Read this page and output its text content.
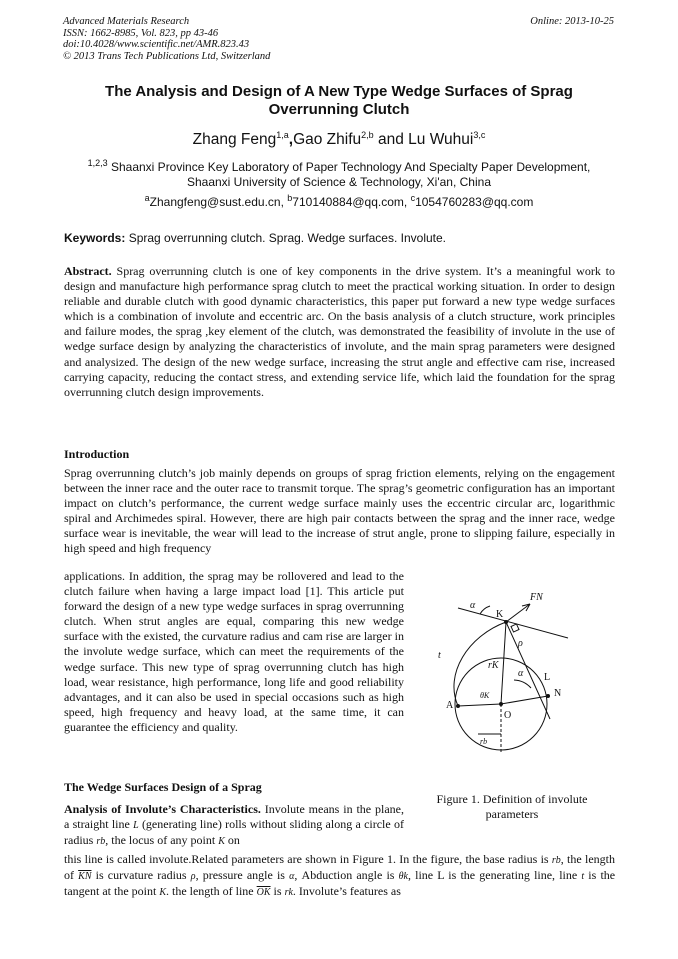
Advanced Materials Research
ISSN: 1662-8985, Vol. 823, pp 43-46
doi:10.4028/www.scientific.net/AMR.823.43
© 2013 Trans Tech Publications Ltd, Switzerland
Online: 2013-10-25
The Analysis and Design of A New Type Wedge Surfaces of Sprag Overrunning Clutch
Zhang Feng$^{1,a}$,Gao Zhifu$^{2,b}$ and Lu Wuhui$^{3,c}$
$^{1,2,3}$ Shaanxi Province Key Laboratory of Paper Technology And Specialty Paper Development,
Shaanxi University of Science & Technology, Xi'an, China
$^a$Zhangfeng@sust.edu.cn, $^b$710140884@qq.com, $^c$1054760283@qq.com
Keywords: Sprag overrunning clutch. Sprag. Wedge surfaces. Involute.
Abstract. Sprag overrunning clutch is one of key components in the drive system. It’s a meaningful work to design and manufacture high performance sprag clutch to meet the practical working situation. In order to design reliable and durable clutch with good dynamic characteristics, this paper put forward a new type wedge surfaces which is a combination of involute and eccentric arc. On the basis analysis of a clutch structure, work principles and failure modes, the sprag ,key element of the clutch, was demonstrated the feasibility of involute in the use of wedge surface design by analyzing the characteristics of involute, and the main sprag parameters were designed and analysized. The design of the new wedge surface, increasing the strut angle and effective cam rise, increased carrying capacity, reducing the contact stress, and extending service life, which laid the foundation for the sprag overrunning clutch design improvements.
Introduction
Sprag overrunning clutch’s job mainly depends on groups of sprag friction elements, relying on the engagement between the inner race and the outer race to transmit torque. The sprag’s geometric configuration has an important impact on clutch’s performance, the current wedge surface mainly uses the eccentric circular arc, logarithmic spiral and Archimedes spiral. However, there are high pair contacts between the sprag and the inner race, wedge surface wear is inevitable, the wear will lead to the increase of strut angle, prone to slipping failure, especially in high speed and high frequency
applications. In addition, the sprag may be rollovered and lead to the clutch failure when having a large impact load [1]. This article put forward the design of a new type wedge surfaces in sprag overrunning clutch. When strut angles are equal, comparing this new wedge surface with the existed, the curvature radius and cam rise are larger in the involute wedge surface, which can meet the requirements of the wedge surface. This new type of sprag overrunning clutch has high load, wear resistance, high performance, long life and good reliability advantages, and it can also be used in special occasions such as high speed, high frequency and heavy load, at the same time, it can guarantee the efficiency and quality.
The Wedge Surfaces Design of a Sprag
Analysis of Involute’s Characteristics. Involute means in the plane, a straight line L (generating line) rolls without sliding along a circle of radius rb, the locus of any point K on
this line is called involute.Related parameters are shown in Figure 1. In the figure, the base radius is rb, the length of $\overline{KN}$ is curvature radius ρ, pressure angle is α, Abduction angle is θk, line L is the generating line, line t is the tangent at the point K. the length of line $\overline{OK}$ is rk. Involute’s features as
K
FN
α
ρ
t
rK
L
α
A
N
θK
O
rb
Figure 1. Definition of involute parameters
